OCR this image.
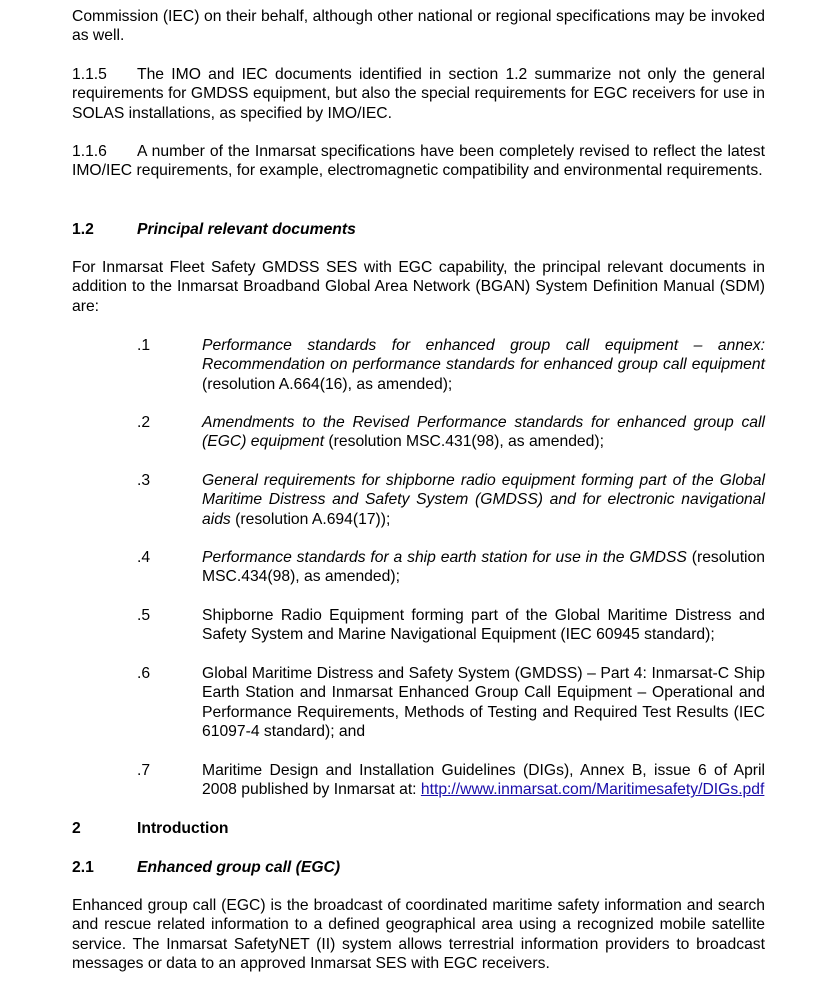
Commission (IEC) on their behalf, although other national or regional specifications may be invoked as well.

1.1.5 The IMO and IEC documents identified in section 1.2 summarize not only the general requirements for GMDSS equipment, but also the special requirements for EGC receivers for use in SOLAS installations, as specified by IMO/IEC.

1.1.6 A number of the Inmarsat specifications have been completely revised to reflect the latest IMO/IEC requirements, for example, electromagnetic compatibility and environmental requirements.

1.2	Principal relevant documents

For Inmarsat Fleet Safety GMDSS SES with EGC capability, the principal relevant documents in addition to the Inmarsat Broadband Global Area Network (BGAN) System Definition Manual (SDM) are:

.1	Performance standards for enhanced group call equipment – annex: Recommendation on performance standards for enhanced group call equipment (resolution A.664(16), as amended);
.2	Amendments to the Revised Performance standards for enhanced group call (EGC) equipment (resolution MSC.431(98), as amended);
.3	General requirements for shipborne radio equipment forming part of the Global Maritime Distress and Safety System (GMDSS) and for electronic navigational aids (resolution A.694(17));
.4	Performance standards for a ship earth station for use in the GMDSS (resolution MSC.434(98), as amended);
.5	Shipborne Radio Equipment forming part of the Global Maritime Distress and Safety System and Marine Navigational Equipment (IEC 60945 standard);
.6	Global Maritime Distress and Safety System (GMDSS) – Part 4: Inmarsat-C Ship Earth Station and Inmarsat Enhanced Group Call Equipment – Operational and Performance Requirements, Methods of Testing and Required Test Results (IEC 61097-4 standard); and
.7	Maritime Design and Installation Guidelines (DIGs), Annex B, issue 6 of April 2008 published by Inmarsat at: http://www.inmarsat.com/Maritimesafety/DIGs.pdf
2	Introduction
2.1	Enhanced group call (EGC)

Enhanced group call (EGC) is the broadcast of coordinated maritime safety information and search and rescue related information to a defined geographical area using a recognized mobile satellite service. The Inmarsat SafetyNET (II) system allows terrestrial information providers to broadcast messages or data to an approved Inmarsat SES with EGC receivers.
